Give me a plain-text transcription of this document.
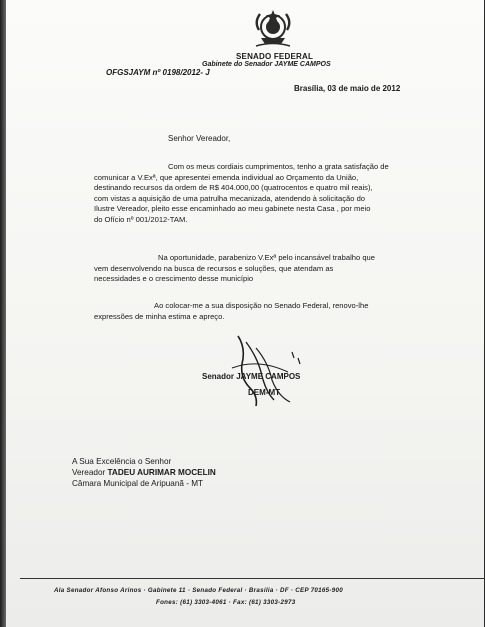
SENADO FEDERAL
Gabinete do Senador JAYME CAMPOS
OFGSJAYM nº 0198/2012- J
Brasília, 03 de maio de 2012
Senhor Vereador,
Com os meus cordiais cumprimentos, tenho a grata satisfação de
comunicar a V.Exª, que apresentei emenda individual ao Orçamento da União,
destinando recursos da ordem de R$ 404.000,00 (quatrocentos e quatro mil reais),
com vistas a aquisição de uma patrulha mecanizada, atendendo à solicitação do
Ilustre Vereador, pleito esse encaminhado ao meu gabinete nesta Casa , por meio
do Ofício nº 001/2012-TAM.
Na oportunidade, parabenizo V.Exª pelo incansável trabalho que
vem desenvolvendo na busca de recursos e soluções, que atendam as
necessidades e o crescimento desse município
Ao colocar-me a sua disposição no Senado Federal, renovo-lhe
expressões de minha estima e apreço.
Senador JAYME CAMPOS
DEM-MT
A Sua Excelência o Senhor
Vereador TADEU AURIMAR MOCELIN
Câmara Municipal de Aripuanã - MT
Ala Senador Afonso Arinos · Gabinete 11 · Senado Federal · Brasília · DF · CEP 70165-900
Fones: (61) 3303-4061 · Fax: (61) 3303-2973
